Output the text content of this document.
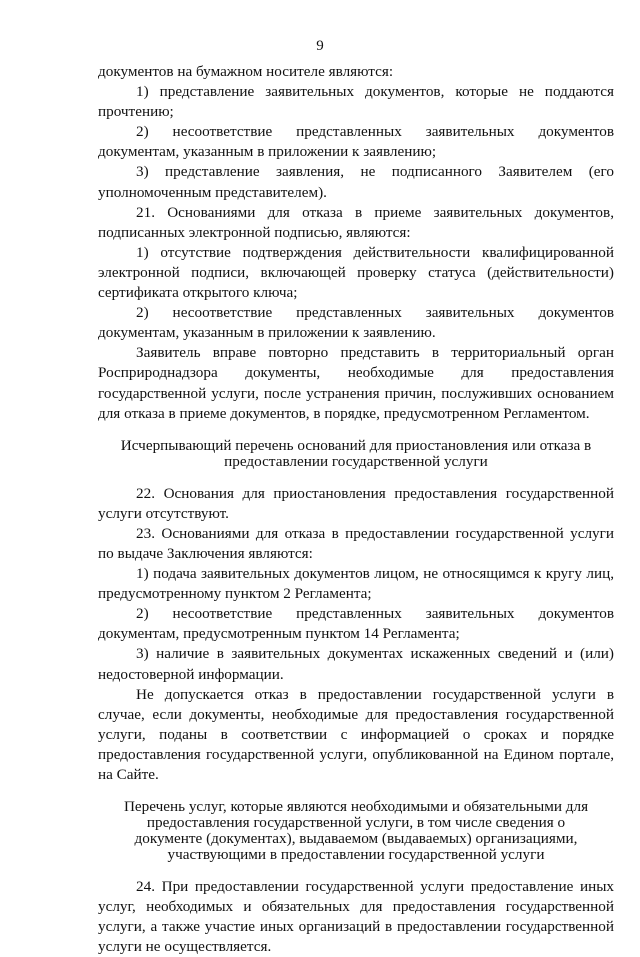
9

документов на бумажном носителе являются:

1) представление заявительных документов, которые не поддаются прочтению;

2) несоответствие представленных заявительных документов документам, указанным в приложении к заявлению;

3) представление заявления, не подписанного Заявителем (его уполномоченным представителем).

21. Основаниями для отказа в приеме заявительных документов, подписанных электронной подписью, являются:

1) отсутствие подтверждения действительности квалифицированной электронной подписи, включающей проверку статуса (действительности) сертификата открытого ключа;

2) несоответствие представленных заявительных документов документам, указанным в приложении к заявлению.

Заявитель вправе повторно представить в территориальный орган Росприроднадзора документы, необходимые для предоставления государственной услуги, после устранения причин, послуживших основанием для отказа в приеме документов, в порядке, предусмотренном Регламентом.

Исчерпывающий перечень оснований для приостановления или отказа в предоставлении государственной услуги

22. Основания для приостановления предоставления государственной услуги отсутствуют.

23. Основаниями для отказа в предоставлении государственной услуги по выдаче Заключения являются:

1) подача заявительных документов лицом, не относящимся к кругу лиц, предусмотренному пунктом 2 Регламента;

2) несоответствие представленных заявительных документов документам, предусмотренным пунктом 14 Регламента;

3) наличие в заявительных документах искаженных сведений и (или) недостоверной информации.

Не допускается отказ в предоставлении государственной услуги в случае, если документы, необходимые для предоставления государственной услуги, поданы в соответствии с информацией о сроках и порядке предоставления государственной услуги, опубликованной на Едином портале, на Сайте.

Перечень услуг, которые являются необходимыми и обязательными для предоставления государственной услуги, в том числе сведения о документе (документах), выдаваемом (выдаваемых) организациями, участвующими в предоставлении государственной услуги

24. При предоставлении государственной услуги предоставление иных услуг, необходимых и обязательных для предоставления государственной услуги, а также участие иных организаций в предоставлении государственной услуги не осуществляется.
